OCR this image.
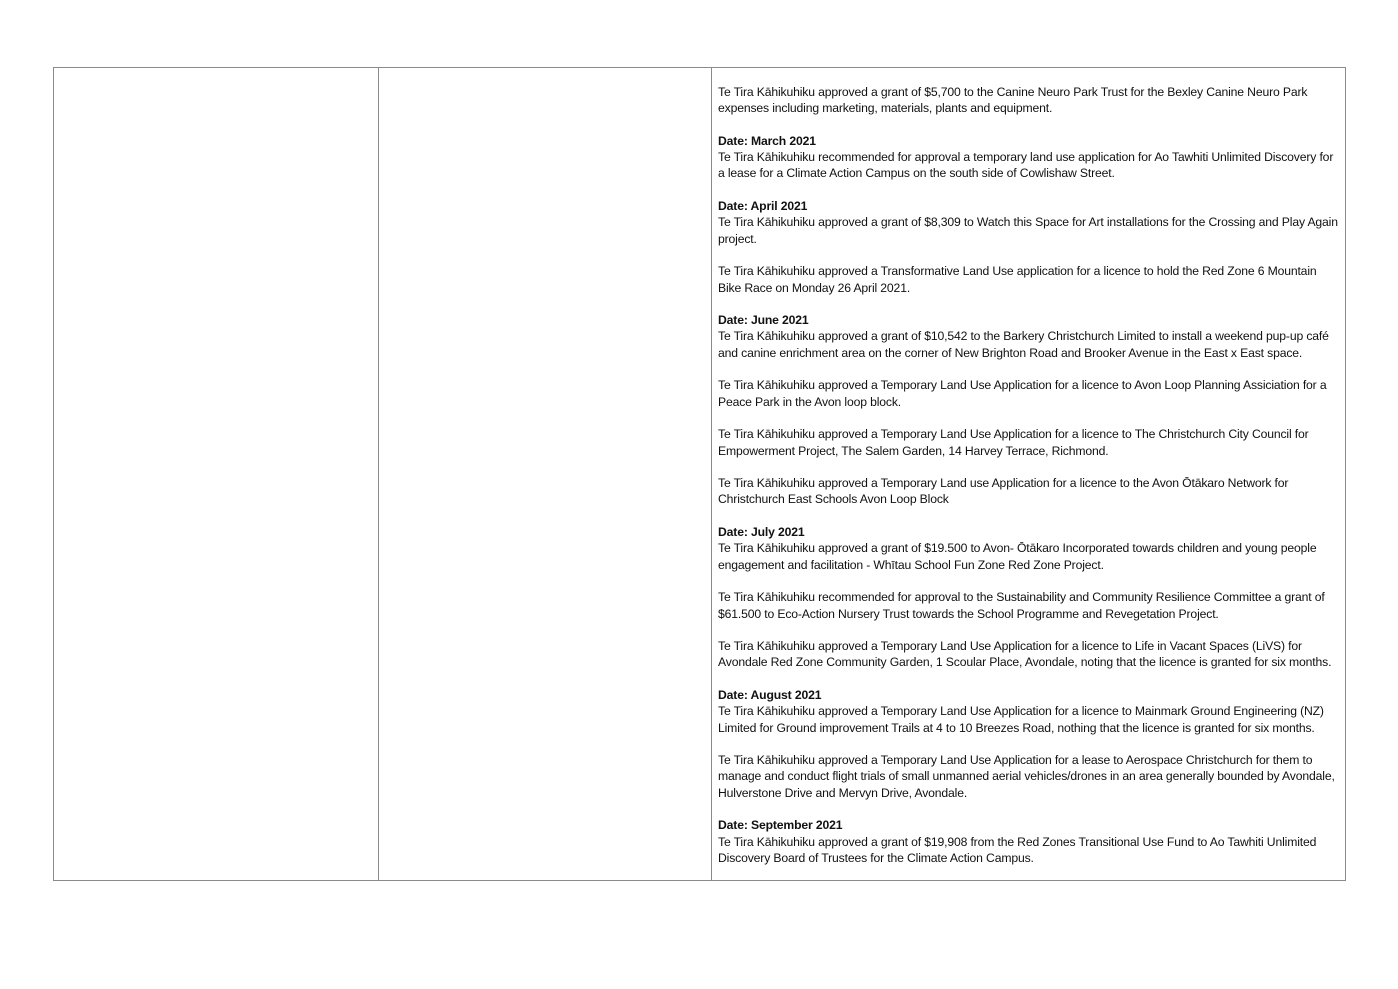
Te Tira Kāhikuhiku approved a grant of $5,700 to the Canine Neuro Park Trust for the Bexley Canine Neuro Park expenses including marketing, materials, plants and equipment.

Date: March 2021
Te Tira Kāhikuhiku recommended for approval a temporary land use application for Ao Tawhiti Unlimited Discovery for a lease for a Climate Action Campus on the south side of Cowlishaw Street.

Date: April 2021
Te Tira Kāhikuhiku approved a grant of $8,309 to Watch this Space for Art installations for the Crossing and Play Again project.

Te Tira Kāhikuhiku approved a Transformative Land Use application for a licence to hold the Red Zone 6 Mountain Bike Race on Monday 26 April 2021.

Date: June 2021
Te Tira Kāhikuhiku approved a grant of $10,542 to the Barkery Christchurch Limited to install a weekend pup-up café and canine enrichment area on the corner of New Brighton Road and Brooker Avenue in the East x East space.

Te Tira Kāhikuhiku approved a Temporary Land Use Application for a licence to Avon Loop Planning Assiciation for a Peace Park in the Avon loop block.

Te Tira Kāhikuhiku approved a Temporary Land Use Application for a licence to The Christchurch City Council for Empowerment Project, The Salem Garden, 14 Harvey Terrace, Richmond.

Te Tira Kāhikuhiku approved a Temporary Land use Application for a licence to the Avon Ōtākaro Network for Christchurch East Schools Avon Loop Block

Date: July 2021
Te Tira Kāhikuhiku approved a grant of $19.500 to Avon- Ōtākaro Incorporated towards children and young people engagement and facilitation - Whītau School Fun Zone Red Zone Project.

Te Tira Kāhikuhiku recommended for approval to the Sustainability and Community Resilience Committee a grant of $61.500 to Eco-Action Nursery Trust towards the School Programme and Revegetation Project.

Te Tira Kāhikuhiku approved a Temporary Land Use Application for a licence to Life in Vacant Spaces (LiVS) for Avondale Red Zone Community Garden, 1 Scoular Place, Avondale, noting that the licence is granted for six months.

Date: August 2021
Te Tira Kāhikuhiku approved a Temporary Land Use Application for a licence to Mainmark Ground Engineering (NZ) Limited for Ground improvement Trails at 4 to 10 Breezes Road, nothing that the licence is granted for six months.

Te Tira Kāhikuhiku approved a Temporary Land Use Application for a lease to Aerospace Christchurch for them to manage and conduct flight trials of small unmanned aerial vehicles/drones in an area generally bounded by Avondale, Hulverstone Drive and Mervyn Drive, Avondale.

Date: September 2021
Te Tira Kāhikuhiku approved a grant of $19,908 from the Red Zones Transitional Use Fund to Ao Tawhiti Unlimited Discovery Board of Trustees for the Climate Action Campus.
